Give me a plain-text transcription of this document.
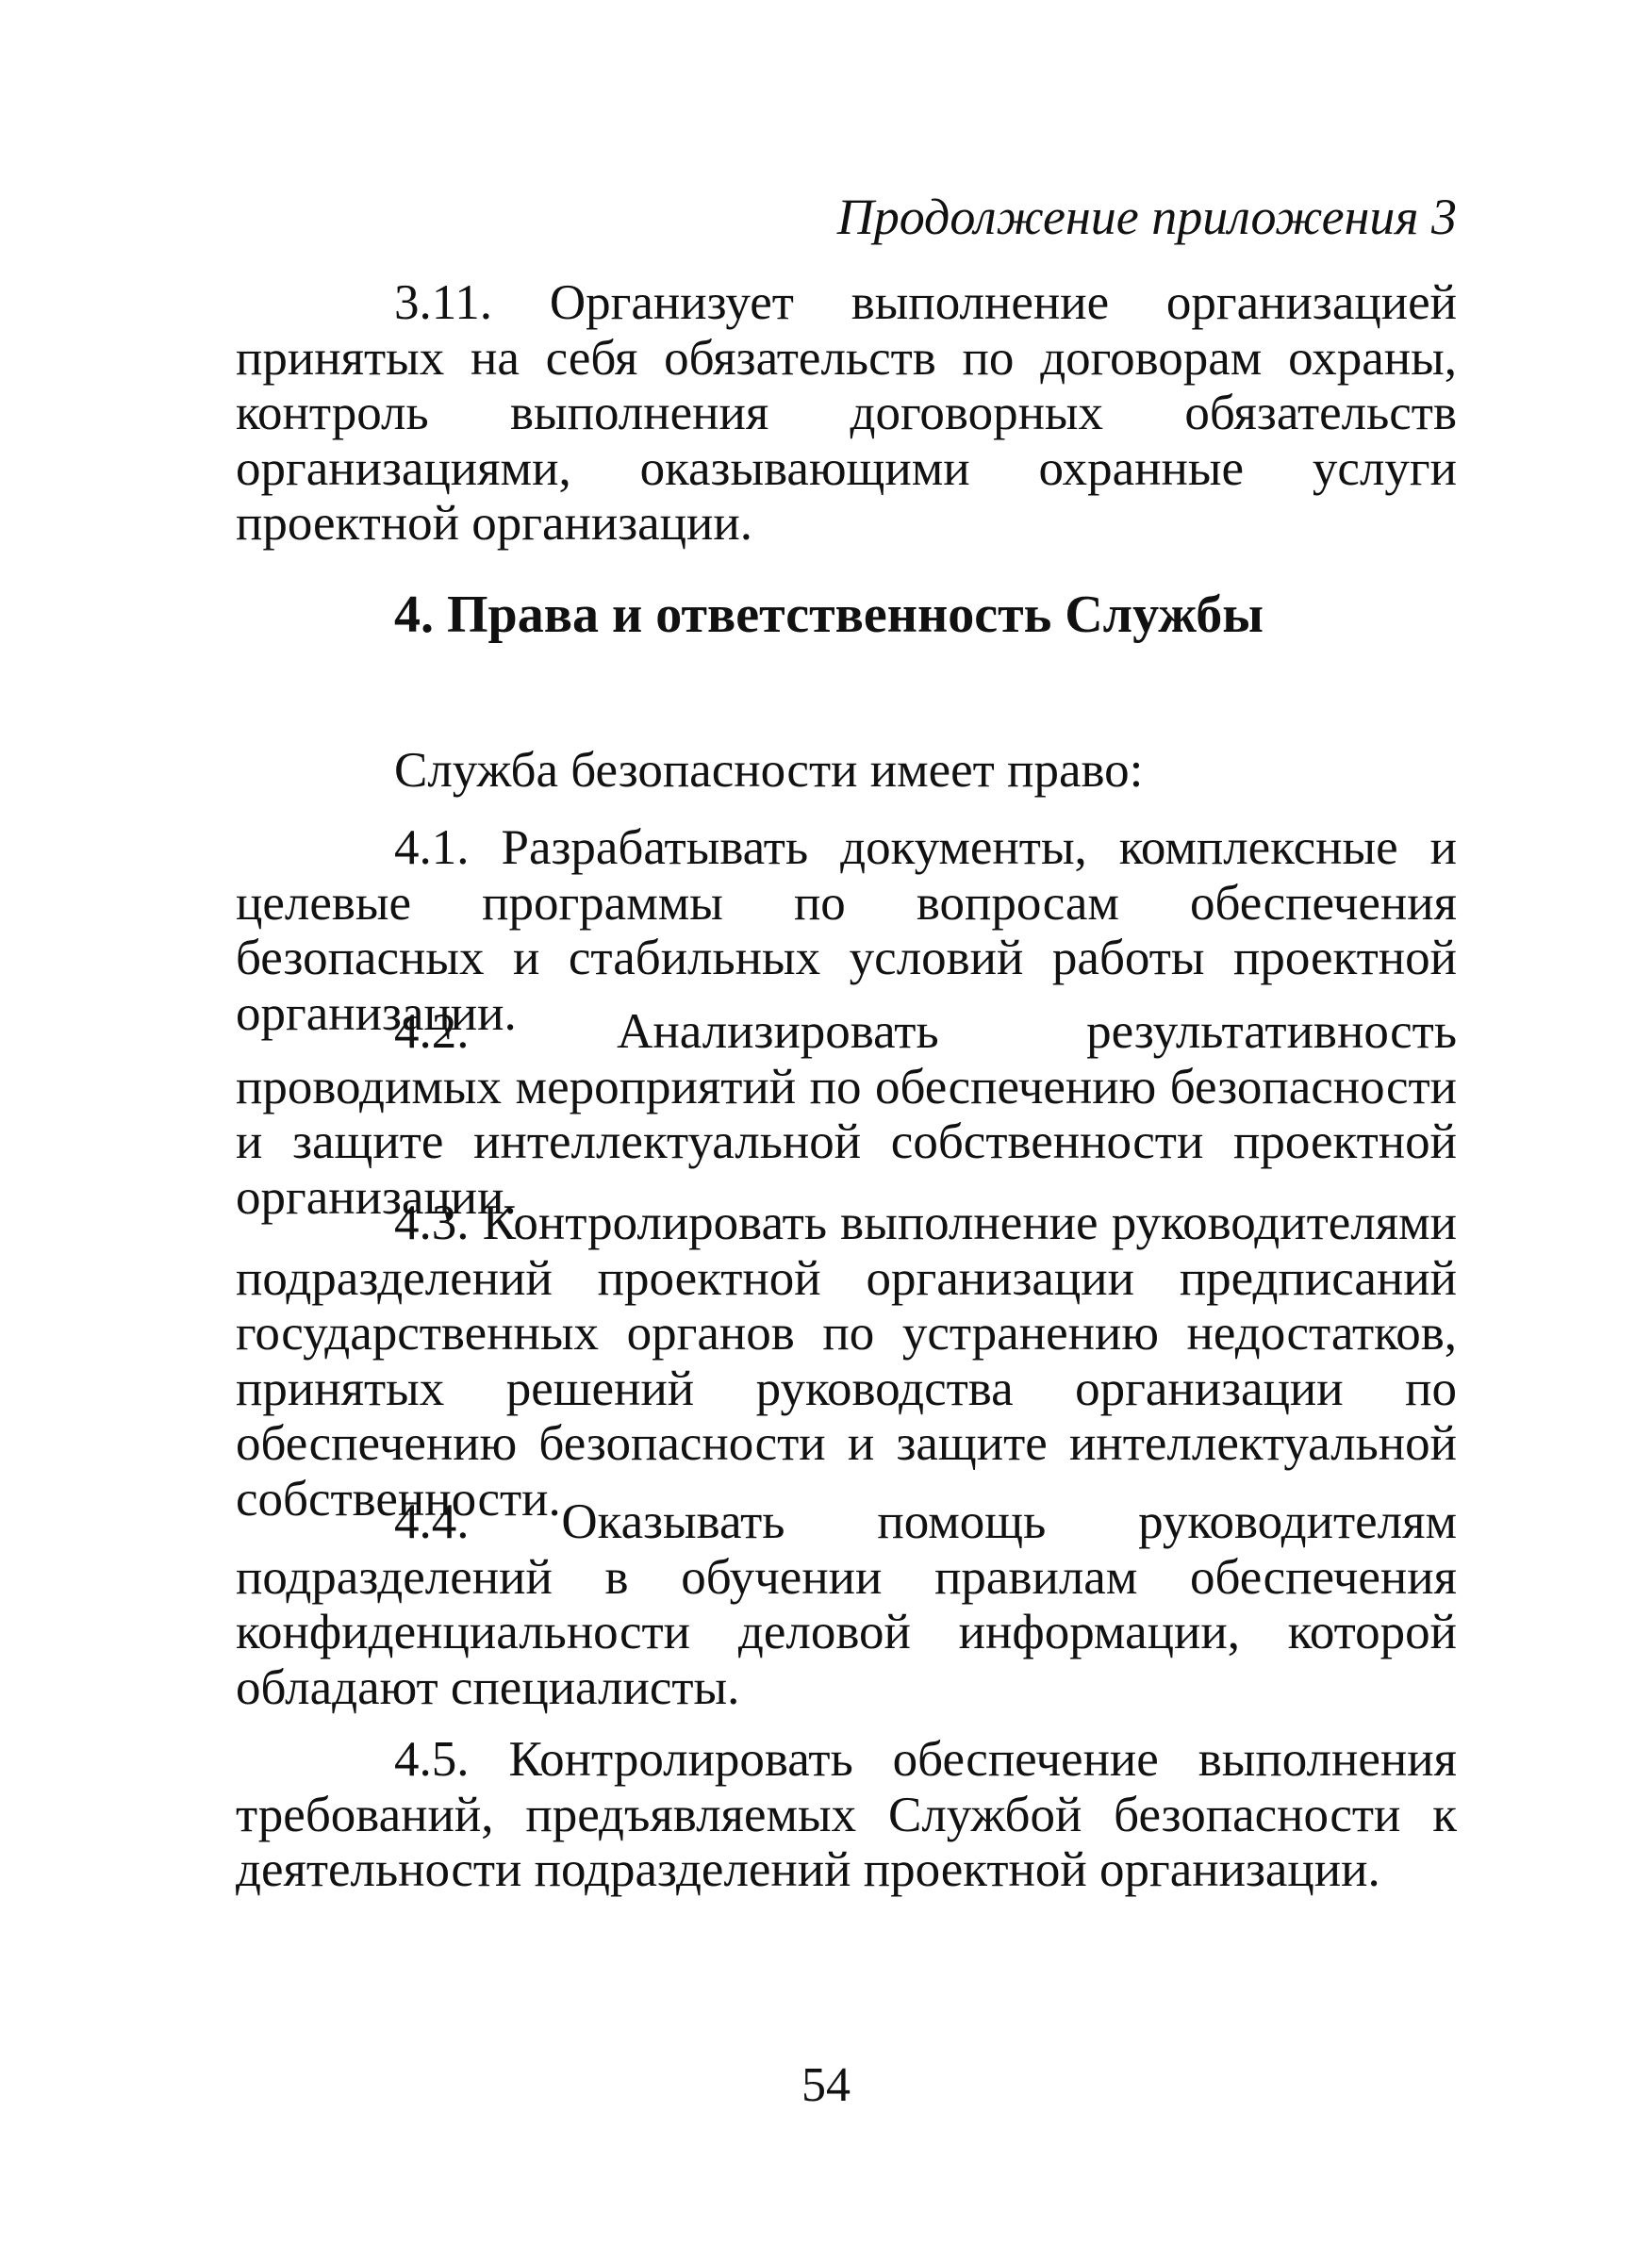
Продолжение приложения 3

3.11. Организует выполнение организацией принятых на себя обязательств по договорам охраны, контроль выполнения договорных обязательств организациями, оказывающими охранные услуги проектной организации.

4. Права и ответственность Службы

Служба безопасности имеет право:

4.1. Разрабатывать документы, комплексные и целевые программы по вопросам обеспечения безопасных и стабильных условий работы проектной организации.

4.2. Анализировать результативность проводимых мероприятий по обеспечению безопасности и защите интеллектуальной собственности проектной организации.

4.3. Контролировать выполнение руководителями подразделений проектной организации предписаний государственных органов по устранению недостатков, принятых решений руководства организации по обеспечению безопасности и защите интеллектуальной собственности.

4.4. Оказывать помощь руководителям подразделений в обучении правилам обеспечения конфиденциальности деловой информации, которой обладают специалисты.

4.5. Контролировать обеспечение выполнения требований, предъявляемых Службой безопасности к деятельности подразделений проектной организации.

54
